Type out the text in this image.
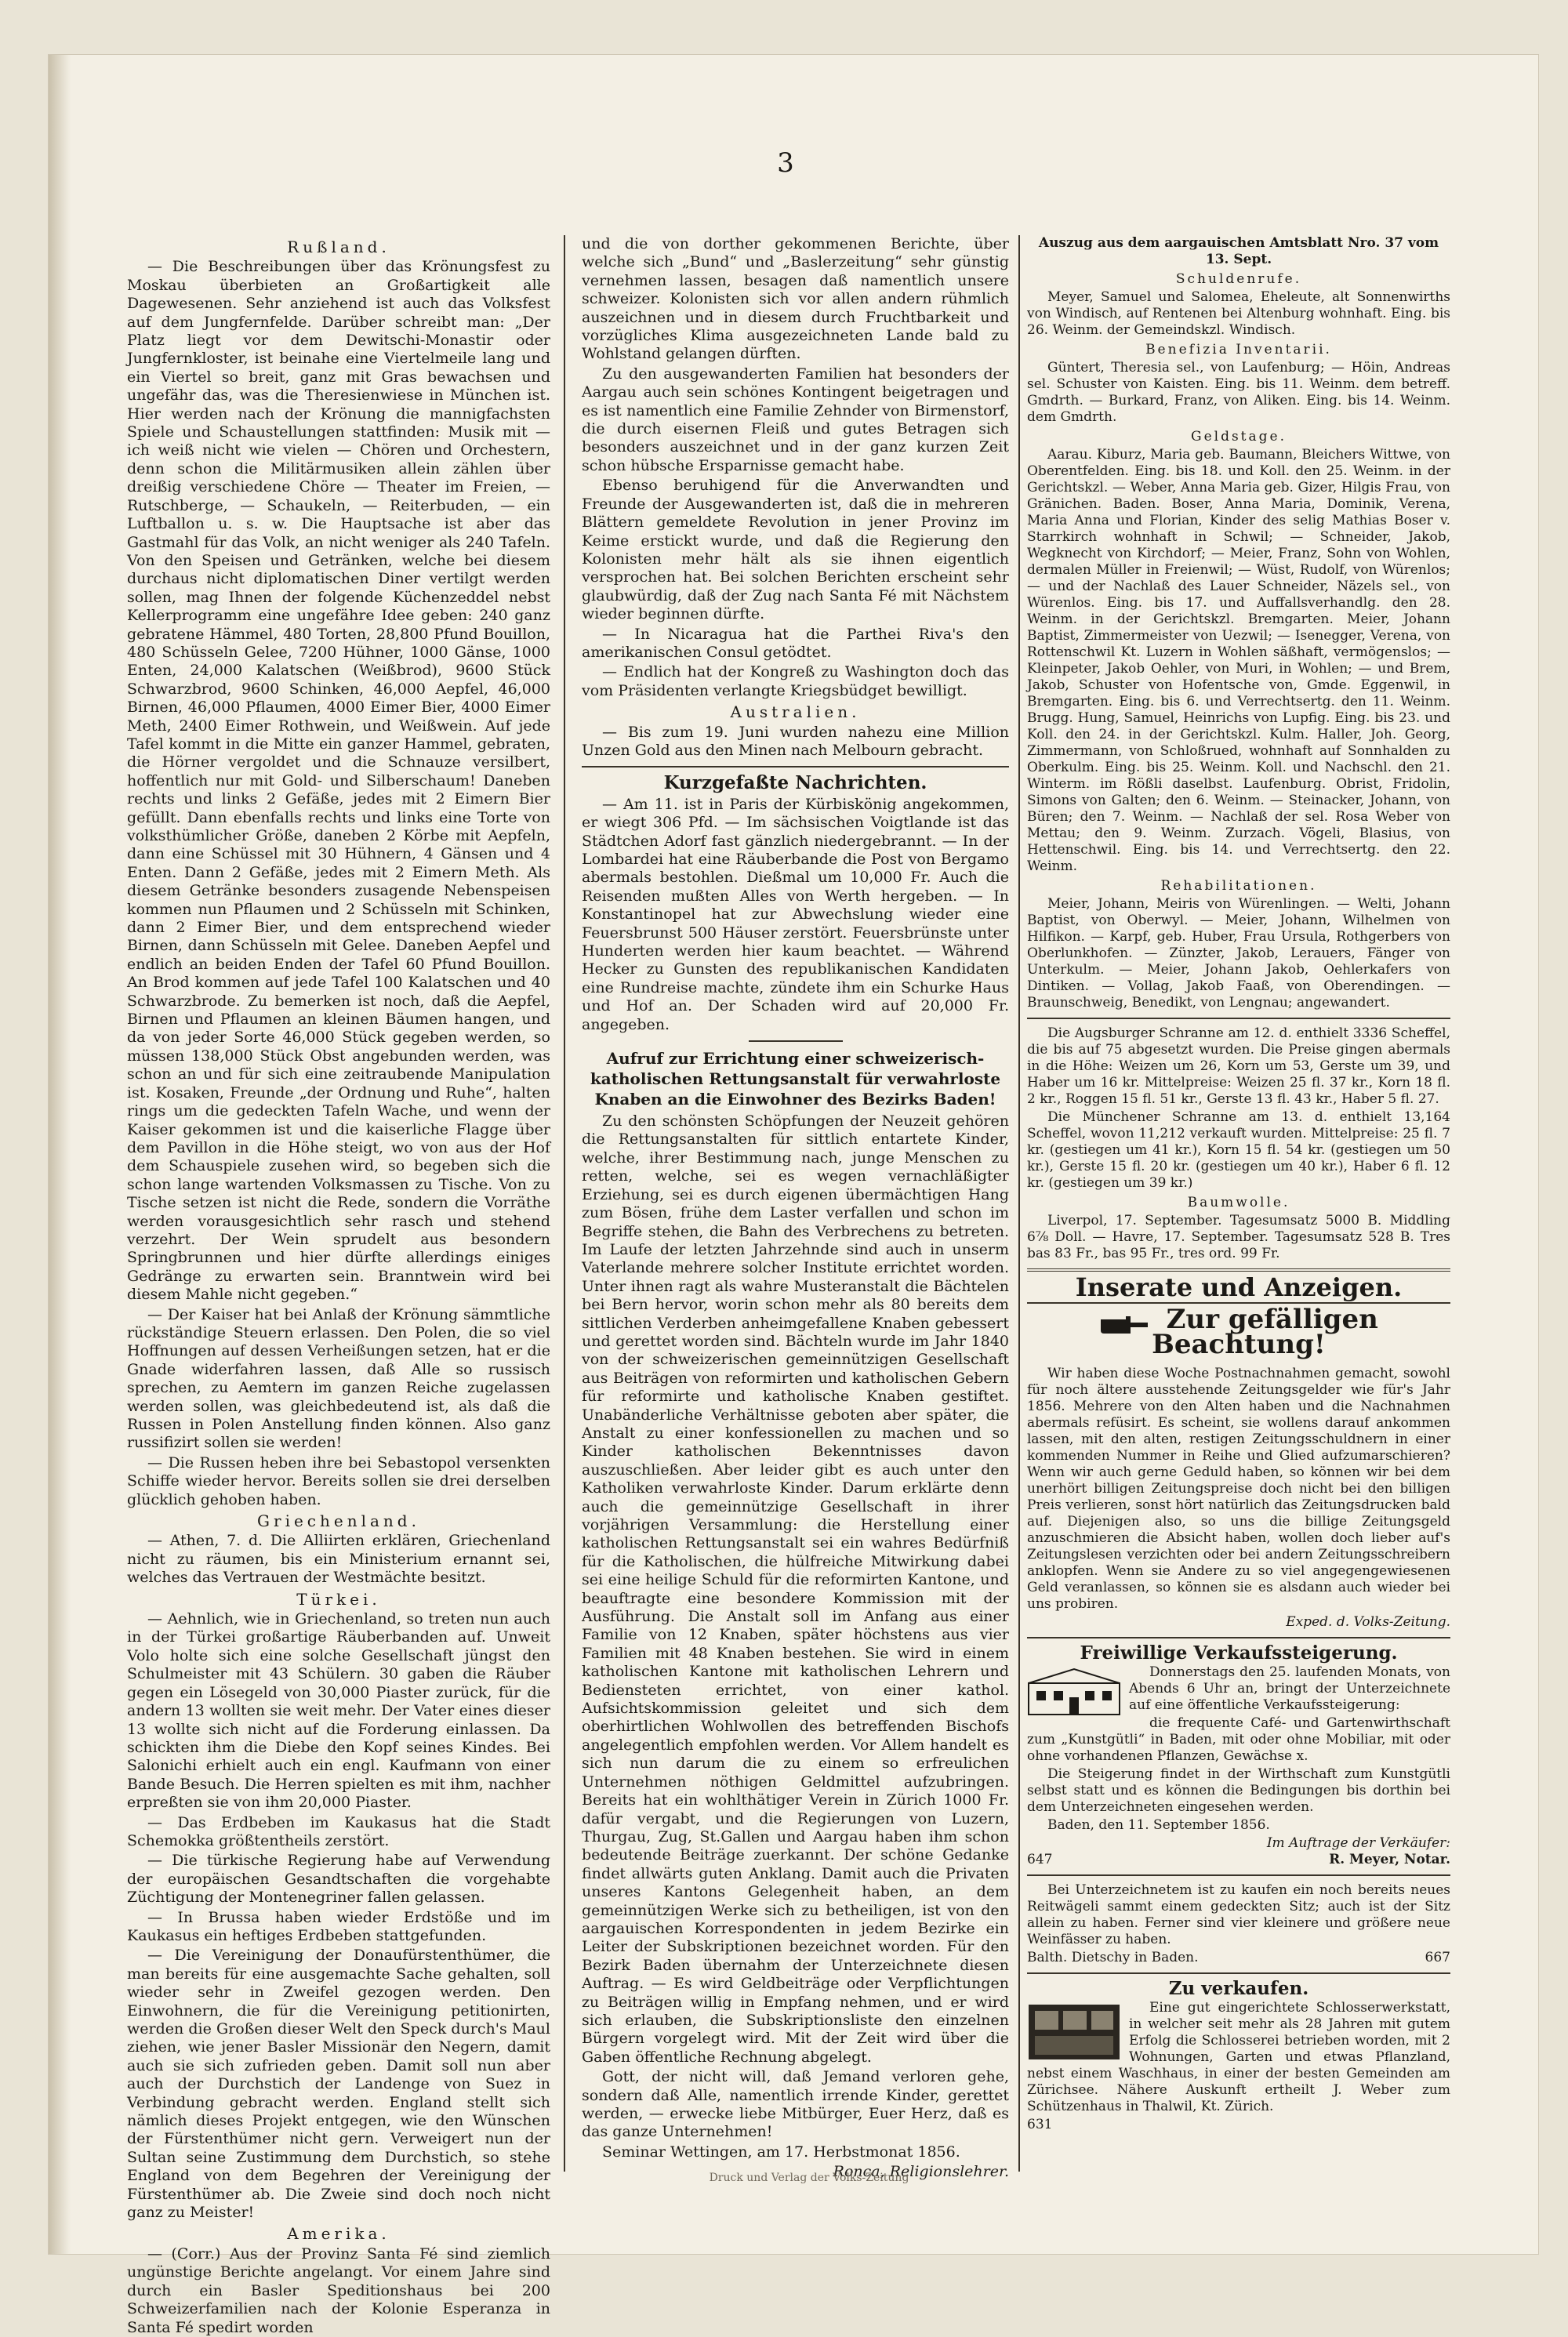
3
Rußland.

— Die Beschreibungen über das Krönungsfest zu Moskau überbieten an Großartigkeit alle Dagewesenen. Sehr anziehend ist auch das Volksfest auf dem Jungfernfelde. Darüber schreibt man: „Der Platz liegt vor dem Dewitschi-Monastir oder Jungfernkloster, ist beinahe eine Viertelmeile lang und ein Viertel so breit, ganz mit Gras bewachsen und ungefähr das, was die Theresienwiese in München ist. Hier werden nach der Krönung die mannigfachsten Spiele und Schaustellungen stattfinden: Musik mit — ich weiß nicht wie vielen — Chören und Orchestern, denn schon die Militärmusiken allein zählen über dreißig verschiedene Chöre — Theater im Freien, — Rutschberge, — Schaukeln, — Reiterbuden, — ein Luftballon u. s. w. Die Hauptsache ist aber das Gastmahl für das Volk, an nicht weniger als 240 Tafeln. Von den Speisen und Getränken, welche bei diesem durchaus nicht diplomatischen Diner vertilgt werden sollen, mag Ihnen der folgende Küchenzeddel nebst Kellerprogramm eine ungefähre Idee geben: 240 ganz gebratene Hämmel, 480 Torten, 28,800 Pfund Bouillon, 480 Schüsseln Gelee, 7200 Hühner, 1000 Gänse, 1000 Enten, 24,000 Kalatschen (Weißbrod), 9600 Stück Schwarzbrod, 9600 Schinken, 46,000 Aepfel, 46,000 Birnen, 46,000 Pflaumen, 4000 Eimer Bier, 4000 Eimer Meth, 2400 Eimer Rothwein, und Weißwein. Auf jede Tafel kommt in die Mitte ein ganzer Hammel, gebraten, die Hörner vergoldet und die Schnauze versilbert, hoffentlich nur mit Gold- und Silberschaum! Daneben rechts und links 2 Gefäße, jedes mit 2 Eimern Bier gefüllt. Dann ebenfalls rechts und links eine Torte von volksthümlicher Größe, daneben 2 Körbe mit Aepfeln, dann eine Schüssel mit 30 Hühnern, 4 Gänsen und 4 Enten. Dann 2 Gefäße, jedes mit 2 Eimern Meth. Als diesem Getränke besonders zusagende Nebenspeisen kommen nun Pflaumen und 2 Schüsseln mit Schinken, dann 2 Eimer Bier, und dem entsprechend wieder Birnen, dann Schüsseln mit Gelee. Daneben Aepfel und endlich an beiden Enden der Tafel 60 Pfund Bouillon. An Brod kommen auf jede Tafel 100 Kalatschen und 40 Schwarzbrode. Zu bemerken ist noch, daß die Aepfel, Birnen und Pflaumen an kleinen Bäumen hangen, und da von jeder Sorte 46,000 Stück gegeben werden, so müssen 138,000 Stück Obst angebunden werden, was schon an und für sich eine zeitraubende Manipulation ist. Kosaken, Freunde „der Ordnung und Ruhe“, halten rings um die gedeckten Tafeln Wache, und wenn der Kaiser gekommen ist und die kaiserliche Flagge über dem Pavillon in die Höhe steigt, wo von aus der Hof dem Schauspiele zusehen wird, so begeben sich die schon lange wartenden Volksmassen zu Tische. Von zu Tische setzen ist nicht die Rede, sondern die Vorräthe werden vorausgesichtlich sehr rasch und stehend verzehrt. Der Wein sprudelt aus besondern Springbrunnen und hier dürfte allerdings einiges Gedränge zu erwarten sein. Branntwein wird bei diesem Mahle nicht gegeben.“

— Der Kaiser hat bei Anlaß der Krönung sämmtliche rückständige Steuern erlassen. Den Polen, die so viel Hoffnungen auf dessen Verheißungen setzen, hat er die Gnade widerfahren lassen, daß Alle so russisch sprechen, zu Aemtern im ganzen Reiche zugelassen werden sollen, was gleichbedeutend ist, als daß die Russen in Polen Anstellung finden können. Also ganz russifizirt sollen sie werden!

— Die Russen heben ihre bei Sebastopol versenkten Schiffe wieder hervor. Bereits sollen sie drei derselben glücklich gehoben haben.

Griechenland.

— Athen, 7. d. Die Alliirten erklären, Griechenland nicht zu räumen, bis ein Ministerium ernannt sei, welches das Vertrauen der Westmächte besitzt.

Türkei.

— Aehnlich, wie in Griechenland, so treten nun auch in der Türkei großartige Räuberbanden auf. Unweit Volo holte sich eine solche Gesellschaft jüngst den Schulmeister mit 43 Schülern. 30 gaben die Räuber gegen ein Lösegeld von 30,000 Piaster zurück, für die andern 13 wollten sie weit mehr. Der Vater eines dieser 13 wollte sich nicht auf die Forderung einlassen. Da schickten ihm die Diebe den Kopf seines Kindes. Bei Salonichi erhielt auch ein engl. Kaufmann von einer Bande Besuch. Die Herren spielten es mit ihm, nachher erpreßten sie von ihm 20,000 Piaster.

— Das Erdbeben im Kaukasus hat die Stadt Schemokka größtentheils zerstört.

— Die türkische Regierung habe auf Verwendung der europäischen Gesandtschaften die vorgehabte Züchtigung der Montenegriner fallen gelassen.

— In Brussa haben wieder Erdstöße und im Kaukasus ein heftiges Erdbeben stattgefunden.

— Die Vereinigung der Donaufürstenthümer, die man bereits für eine ausgemachte Sache gehalten, soll wieder sehr in Zweifel gezogen werden. Den Einwohnern, die für die Vereinigung petitionirten, werden die Großen dieser Welt den Speck durch's Maul ziehen, wie jener Basler Missionär den Negern, damit auch sie sich zufrieden geben. Damit soll nun aber auch der Durchstich der Landenge von Suez in Verbindung gebracht werden. England stellt sich nämlich dieses Projekt entgegen, wie den Wünschen der Fürstenthümer nicht gern. Verweigert nun der Sultan seine Zustimmung dem Durchstich, so stehe England von dem Begehren der Vereinigung der Fürstenthümer ab. Die Zweie sind doch noch nicht ganz zu Meister!

Amerika.

— (Corr.) Aus der Provinz Santa Fé sind ziemlich ungünstige Berichte angelangt. Vor einem Jahre sind durch ein Basler Speditionshaus bei 200 Schweizerfamilien nach der Kolonie Esperanza in Santa Fé spedirt worden

und die von dorther gekommenen Berichte, über welche sich „Bund“ und „Baslerzeitung“ sehr günstig vernehmen lassen, besagen daß namentlich unsere schweizer. Kolonisten sich vor allen andern rühmlich auszeichnen und in diesem durch Fruchtbarkeit und vorzügliches Klima ausgezeichneten Lande bald zu Wohlstand gelangen dürften.

Zu den ausgewanderten Familien hat besonders der Aargau auch sein schönes Kontingent beigetragen und es ist namentlich eine Familie Zehnder von Birmenstorf, die durch eisernen Fleiß und gutes Betragen sich besonders auszeichnet und in der ganz kurzen Zeit schon hübsche Ersparnisse gemacht habe.

Ebenso beruhigend für die Anverwandten und Freunde der Ausgewanderten ist, daß die in mehreren Blättern gemeldete Revolution in jener Provinz im Keime erstickt wurde, und daß die Regierung den Kolonisten mehr hält als sie ihnen eigentlich versprochen hat. Bei solchen Berichten erscheint sehr glaubwürdig, daß der Zug nach Santa Fé mit Nächstem wieder beginnen dürfte.

— In Nicaragua hat die Parthei Riva's den amerikanischen Consul getödtet.

— Endlich hat der Kongreß zu Washington doch das vom Präsidenten verlangte Kriegsbüdget bewilligt.

Australien.

— Bis zum 19. Juni wurden nahezu eine Million Unzen Gold aus den Minen nach Melbourn gebracht.

Kurzgefaßte Nachrichten.

— Am 11. ist in Paris der Kürbiskönig angekommen, er wiegt 306 Pfd. — Im sächsischen Voigtlande ist das Städtchen Adorf fast gänzlich niedergebrannt. — In der Lombardei hat eine Räuberbande die Post von Bergamo abermals bestohlen. Dießmal um 10,000 Fr. Auch die Reisenden mußten Alles von Werth hergeben. — In Konstantinopel hat zur Abwechslung wieder eine Feuersbrunst 500 Häuser zerstört. Feuersbrünste unter Hunderten werden hier kaum beachtet. — Während Hecker zu Gunsten des republikanischen Kandidaten eine Rundreise machte, zündete ihm ein Schurke Haus und Hof an. Der Schaden wird auf 20,000 Fr. angegeben.

Aufruf zur Errichtung einer schweizerisch-katholischen Rettungsanstalt für verwahrloste Knaben an die Einwohner des Bezirks Baden!

Zu den schönsten Schöpfungen der Neuzeit gehören die Rettungsanstalten für sittlich entartete Kinder, welche, ihrer Bestimmung nach, junge Menschen zu retten, welche, sei es wegen vernachläßigter Erziehung, sei es durch eigenen übermächtigen Hang zum Bösen, frühe dem Laster verfallen und schon im Begriffe stehen, die Bahn des Verbrechens zu betreten. Im Laufe der letzten Jahrzehnde sind auch in unserm Vaterlande mehrere solcher Institute errichtet worden. Unter ihnen ragt als wahre Musteranstalt die Bächtelen bei Bern hervor, worin schon mehr als 80 bereits dem sittlichen Verderben anheimgefallene Knaben gebessert und gerettet worden sind. Bächteln wurde im Jahr 1840 von der schweizerischen gemeinnützigen Gesellschaft aus Beiträgen von reformirten und katholischen Gebern für reformirte und katholische Knaben gestiftet. Unabänderliche Verhältnisse geboten aber später, die Anstalt zu einer konfessionellen zu machen und so Kinder katholischen Bekenntnisses davon auszuschließen. Aber leider gibt es auch unter den Katholiken verwahrloste Kinder. Darum erklärte denn auch die gemeinnützige Gesellschaft in ihrer vorjährigen Versammlung: die Herstellung einer katholischen Rettungsanstalt sei ein wahres Bedürfniß für die Katholischen, die hülfreiche Mitwirkung dabei sei eine heilige Schuld für die reformirten Kantone, und beauftragte eine besondere Kommission mit der Ausführung. Die Anstalt soll im Anfang aus einer Familie von 12 Knaben, später höchstens aus vier Familien mit 48 Knaben bestehen. Sie wird in einem katholischen Kantone mit katholischen Lehrern und Bediensteten errichtet, von einer kathol. Aufsichtskommission geleitet und sich dem oberhirtlichen Wohlwollen des betreffenden Bischofs angelegentlich empfohlen werden. Vor Allem handelt es sich nun darum die zu einem so erfreulichen Unternehmen nöthigen Geldmittel aufzubringen. Bereits hat ein wohlthätiger Verein in Zürich 1000 Fr. dafür vergabt, und die Regierungen von Luzern, Thurgau, Zug, St.Gallen und Aargau haben ihm schon bedeutende Beiträge zuerkannt. Der schöne Gedanke findet allwärts guten Anklang. Damit auch die Privaten unseres Kantons Gelegenheit haben, an dem gemeinnützigen Werke sich zu betheiligen, ist von den aargauischen Korrespondenten in jedem Bezirke ein Leiter der Subskriptionen bezeichnet worden. Für den Bezirk Baden übernahm der Unterzeichnete diesen Auftrag. — Es wird Geldbeiträge oder Verpflichtungen zu Beiträgen willig in Empfang nehmen, und er wird sich erlauben, die Subskriptionsliste den einzelnen Bürgern vorgelegt wird. Mit der Zeit wird über die Gaben öffentliche Rechnung abgelegt.

Gott, der nicht will, daß Jemand verloren gehe, sondern daß Alle, namentlich irrende Kinder, gerettet werden, — erwecke liebe Mitbürger, Euer Herz, daß es das ganze Unternehmen!

Seminar Wettingen, am 17. Herbstmonat 1856.

Ronca, Religionslehrer.
Auszug aus dem aargauischen Amtsblatt Nro. 37 vom 13. Sept.
Schuldenrufe.

Meyer, Samuel und Salomea, Eheleute, alt Sonnenwirths von Windisch, auf Rentenen bei Altenburg wohnhaft. Eing. bis 26. Weinm. der Gemeindskzl. Windisch.

Benefizia Inventarii.

Güntert, Theresia sel., von Laufenburg; — Höin, Andreas sel. Schuster von Kaisten. Eing. bis 11. Weinm. dem betreff. Gmdrth. — Burkard, Franz, von Aliken. Eing. bis 14. Weinm. dem Gmdrth.

Geldstage.

Aarau. Kiburz, Maria geb. Baumann, Bleichers Wittwe, von Oberentfelden. Eing. bis 18. und Koll. den 25. Weinm. in der Gerichtskzl. — Weber, Anna Maria geb. Gizer, Hilgis Frau, von Gränichen. Baden. Boser, Anna Maria, Dominik, Verena, Maria Anna und Florian, Kinder des selig Mathias Boser v. Starrkirch wohnhaft in Schwil; — Schneider, Jakob, Wegknecht von Kirchdorf; — Meier, Franz, Sohn von Wohlen, dermalen Müller in Freienwil; — Wüst, Rudolf, von Würenlos; — und der Nachlaß des Lauer Schneider, Näzels sel., von Würenlos. Eing. bis 17. und Auffallsverhandlg. den 28. Weinm. in der Gerichtskzl. Bremgarten. Meier, Johann Baptist, Zimmermeister von Uezwil; — Isenegger, Verena, von Rottenschwil Kt. Luzern in Wohlen säßhaft, vermögenslos; — Kleinpeter, Jakob Oehler, von Muri, in Wohlen; — und Brem, Jakob, Schuster von Hofentsche von, Gmde. Eggenwil, in Bremgarten. Eing. bis 6. und Verrechtsertg. den 11. Weinm. Brugg. Hung, Samuel, Heinrichs von Lupfig. Eing. bis 23. und Koll. den 24. in der Gerichtskzl. Kulm. Haller, Joh. Georg, Zimmermann, von Schloßrued, wohnhaft auf Sonnhalden zu Oberkulm. Eing. bis 25. Weinm. Koll. und Nachschl. den 21. Winterm. im Rößli daselbst. Laufenburg. Obrist, Fridolin, Simons von Galten; den 6. Weinm. — Steinacker, Johann, von Büren; den 7. Weinm. — Nachlaß der sel. Rosa Weber von Mettau; den 9. Weinm. Zurzach. Vögeli, Blasius, von Hettenschwil. Eing. bis 14. und Verrechtsertg. den 22. Weinm.

Rehabilitationen.

Meier, Johann, Meiris von Würenlingen. — Welti, Johann Baptist, von Oberwyl. — Meier, Johann, Wilhelmen von Hilfikon. — Karpf, geb. Huber, Frau Ursula, Rothgerbers von Oberlunkhofen. — Zünzter, Jakob, Lerauers, Fänger von Unterkulm. — Meier, Johann Jakob, Oehlerkafers von Dintiken. — Vollag, Jakob Faaß, von Oberendingen. — Braunschweig, Benedikt, von Lengnau; angewandert.

Die Augsburger Schranne am 12. d. enthielt 3336 Scheffel, die bis auf 75 abgesetzt wurden. Die Preise gingen abermals in die Höhe: Weizen um 26, Korn um 53, Gerste um 39, und Haber um 16 kr. Mittelpreise: Weizen 25 fl. 37 kr., Korn 18 fl. 2 kr., Roggen 15 fl. 51 kr., Gerste 13 fl. 43 kr., Haber 5 fl. 27.

Die Münchener Schranne am 13. d. enthielt 13,164 Scheffel, wovon 11,212 verkauft wurden. Mittelpreise: 25 fl. 7 kr. (gestiegen um 41 kr.), Korn 15 fl. 54 kr. (gestiegen um 50 kr.), Gerste 15 fl. 20 kr. (gestiegen um 40 kr.), Haber 6 fl. 12 kr. (gestiegen um 39 kr.)

Baumwolle.

Liverpol, 17. September. Tagesumsatz 5000 B. Middling 6⅞ Doll. — Havre, 17. September. Tagesumsatz 528 B. Tres bas 83 Fr., bas 95 Fr., tres ord. 99 Fr.

Inserate und Anzeigen.
Zur gefälligen Beachtung!

Wir haben diese Woche Postnachnahmen gemacht, sowohl für noch ältere ausstehende Zeitungsgelder wie für's Jahr 1856. Mehrere von den Alten haben und die Nachnahmen abermals refüsirt. Es scheint, sie wollens darauf ankommen lassen, mit den alten, restigen Zeitungsschuldnern in einer kommenden Nummer in Reihe und Glied aufzumarschieren? Wenn wir auch gerne Geduld haben, so können wir bei dem unerhört billigen Zeitungspreise doch nicht bei den billigen Preis verlieren, sonst hört natürlich das Zeitungsdrucken bald auf. Diejenigen also, so uns die billige Zeitungsgeld anzuschmieren die Absicht haben, wollen doch lieber auf's Zeitungslesen verzichten oder bei andern Zeitungsschreibern anklopfen. Wenn sie Andere zu so viel angegengewiesenen Geld veranlassen, so können sie es alsdann auch wieder bei uns probiren.

Exped. d. Volks-Zeitung.
Freiwillige Verkaufssteigerung.

Donnerstags den 25. laufenden Monats, von Abends 6 Uhr an, bringt der Unterzeichnete auf eine öffentliche Verkaufssteigerung:

die frequente Café- und Gartenwirthschaft zum „Kunstgütli“ in Baden, mit oder ohne Mobiliar, mit oder ohne vorhandenen Pflanzen, Gewächse x.

Die Steigerung findet in der Wirthschaft zum Kunstgütli selbst statt und es können die Bedingungen bis dorthin bei dem Unterzeichneten eingesehen werden.

Baden, den 11. September 1856.

Im Auftrage der Verkäufer:
647	R. Meyer, Notar.

Bei Unterzeichnetem ist zu kaufen ein noch bereits neues Reitwägeli sammt einem gedeckten Sitz; auch ist der Sitz allein zu haben. Ferner sind vier kleinere und größere neue Weinfässer zu haben.

Balth. Dietschy in Baden.	667
Zu verkaufen.

Eine gut eingerichtete Schlosserwerkstatt, in welcher seit mehr als 28 Jahren mit gutem Erfolg die Schlosserei betrieben worden, mit 2 Wohnungen, Garten und etwas Pflanzland, nebst einem Waschhaus, in einer der besten Gemeinden am Zürichsee. Nähere Auskunft ertheilt J. Weber zum Schützenhaus in Thalwil, Kt. Zürich.

631
Druck und Verlag der Volks-Zeitung
